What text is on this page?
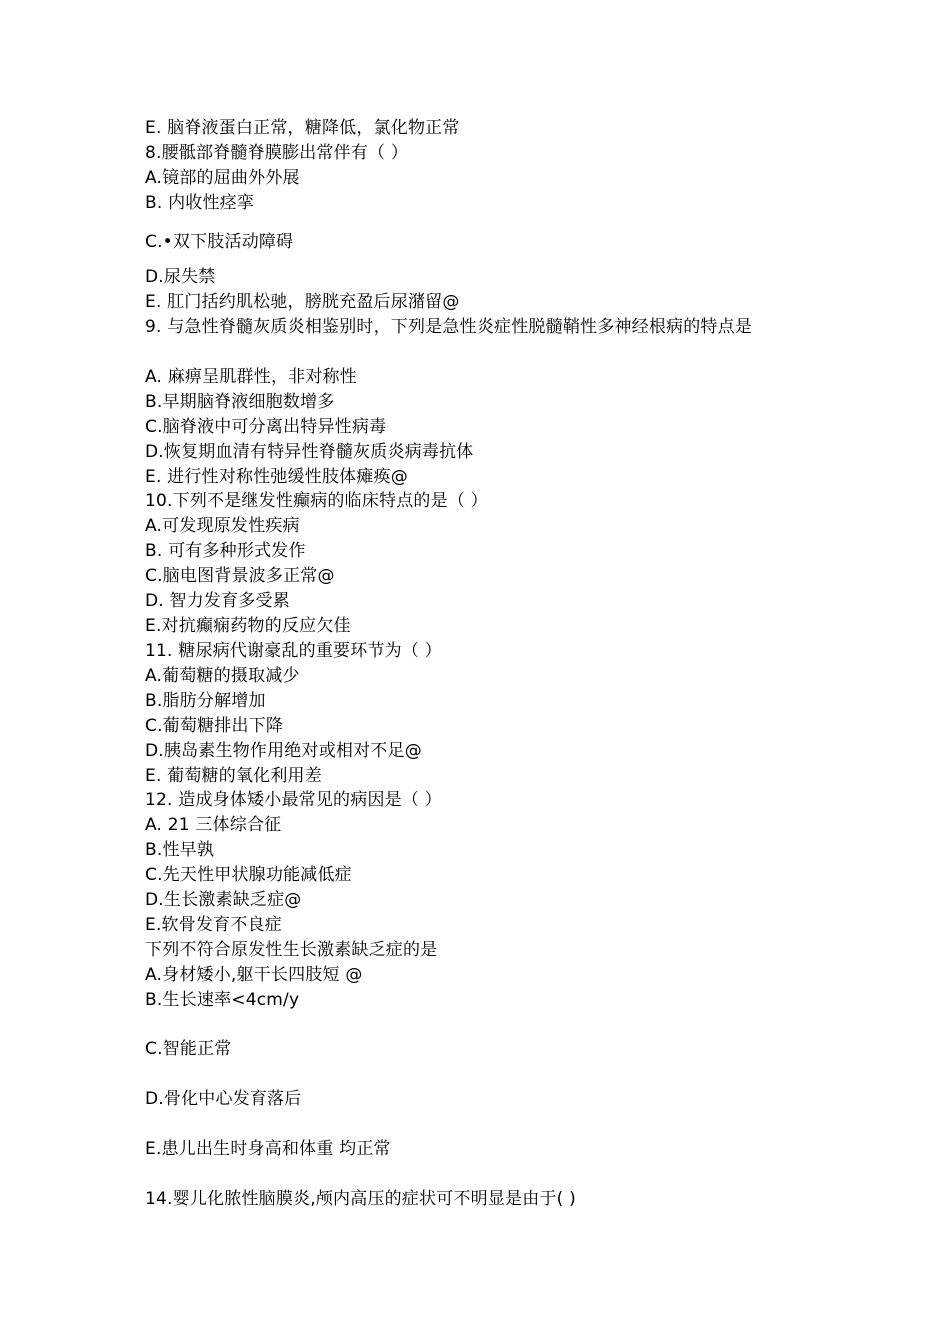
E. 脑脊液蛋白正常，糖降低，氯化物正常
8.腰骶部脊髓脊膜膨出常伴有（ ）
A.镜部的屈曲外外展
B. 内收性痉挛
C.•双下肢活动障碍
D.尿失禁
E. 肛门括约肌松驰，膀胱充盈后尿潴留@
9. 与急性脊髓灰质炎相鉴别时，下列是急性炎症性脱髓鞘性多神经根病的特点是
A. 麻痹呈肌群性，非对称性
B.早期脑脊液细胞数增多
C.脑脊液中可分离出特异性病毒
D.恢复期血清有特异性脊髓灰质炎病毒抗体
E. 进行性对称性弛缓性肢体瘫痪@
10.下列不是继发性癫病的临床特点的是（ ）
A.可发现原发性疾病
B. 可有多种形式发作
C.脑电图背景波多正常@
D. 智力发育多受累
E.对抗癫痫药物的反应欠佳
11. 糖尿病代谢豪乱的重要环节为（ ）
A.葡萄糖的摄取减少
B.脂肪分解增加
C.葡萄糖排出下降
D.胰岛素生物作用绝对或相对不足@
E. 葡萄糖的氧化利用差
12. 造成身体矮小最常见的病因是（ ）
A. 21 三体综合征
B.性早孰
C.先天性甲状腺功能减低症
D.生长激素缺乏症@
E.软骨发育不良症
下列不符合原发性生长激素缺乏症的是
A.身材矮小,躯干长四肢短 @
B.生长速率<4cm/y
C.智能正常
D.骨化中心发育落后
E.患儿出生时身高和体重 均正常
14.婴儿化脓性脑膜炎,颅内高压的症状可不明显是由于( )
